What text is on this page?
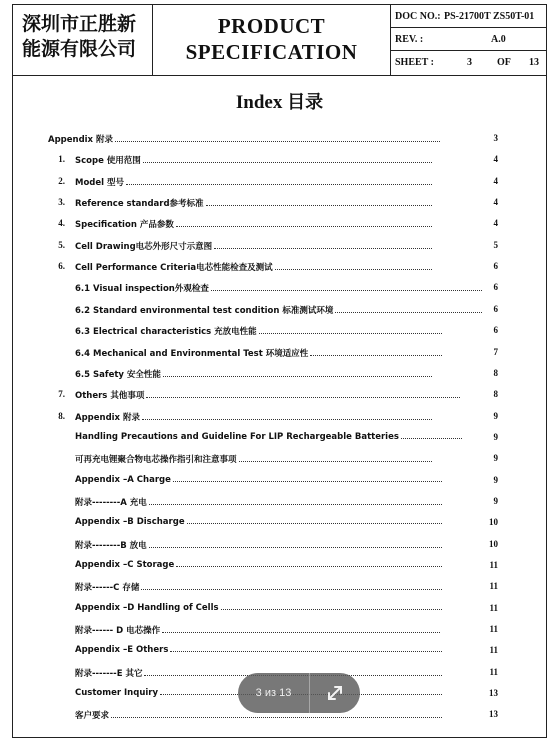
深圳市正胜新
能源有限公司
PRODUCT
SPECIFICATION
DOC NO.: PS-21700T ZS50T-01
REV. :	A.0
SHEET :	3	OF 13
Index 目录
Appendix 附录	3
1. Scope 使用范围	4
2. Model 型号	4
3. Reference standard参考标准	4
4. Specification 产品参数	4
5. Cell Drawing电芯外形尺寸示意图	5
6. Cell Performance Criteria电芯性能检查及测试	6
6.1 Visual inspection外观检查	6
6.2 Standard environmental test condition 标准测试环境	6
6.3 Electrical characteristics 充放电性能	6
6.4 Mechanical and Environmental Test 环境适应性	7
6.5 Safety 安全性能	8
7. Others 其他事项	8
8. Appendix 附录	9
Handling Precautions and Guideline For LIP Rechargeable Batteries	9
可再充电锂聚合物电芯操作指引和注意事项	9
Appendix –A Charge	9
附录--------A 充电	9
Appendix –B Discharge	10
附录--------B 放电	10
Appendix –C Storage	11
附录------C 存储	11
Appendix –D Handling of Cells	11
附录------ D 电芯操作	11
Appendix –E Others	11
附录-------E 其它	11
Customer Inquiry	13
客户要求	13
3 из 13
